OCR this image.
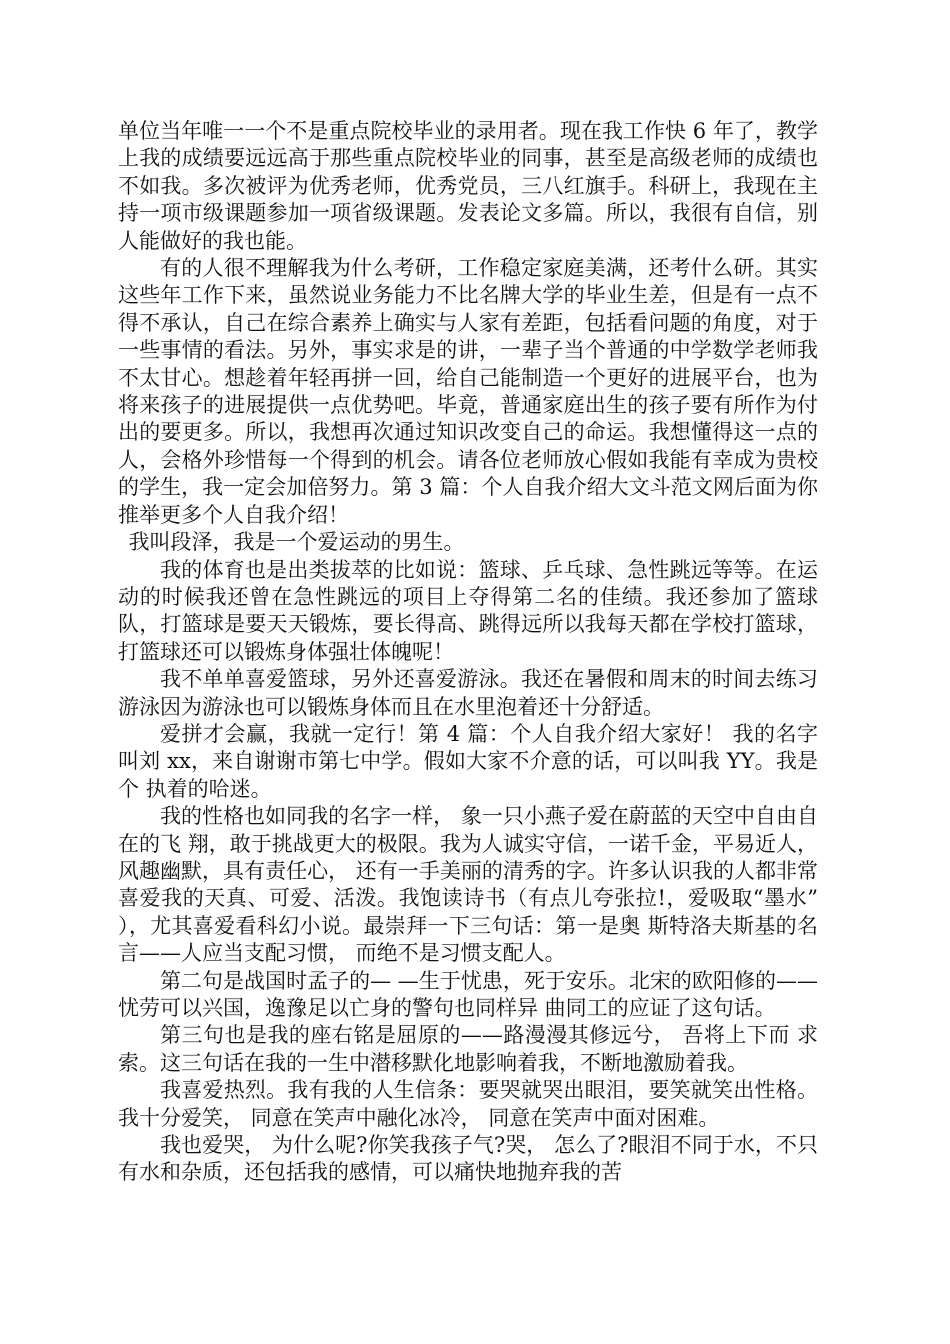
单位当年唯一一个不是重点院校毕业的录用者。现在我工作快 6 年了，教学上我的成绩要远远高于那些重点院校毕业的同事，甚至是高级老师的成绩也不如我。多次被评为优秀老师，优秀党员，三八红旗手。科研上，我现在主持一项市级课题参加一项省级课题。发表论文多篇。所以，我很有自信，别人能做好的我也能。

有的人很不理解我为什么考研，工作稳定家庭美满，还考什么研。其实这些年工作下来，虽然说业务能力不比名牌大学的毕业生差，但是有一点不得不承认，自己在综合素养上确实与人家有差距，包括看问题的角度，对于一些事情的看法。另外，事实求是的讲，一辈子当个普通的中学数学老师我不太甘心。想趁着年轻再拼一回，给自己能制造一个更好的进展平台，也为将来孩子的进展提供一点优势吧。毕竟，普通家庭出生的孩子要有所作为付出的要更多。所以，我想再次通过知识改变自己的命运。我想懂得这一点的人，会格外珍惜每一个得到的机会。请各位老师放心假如我能有幸成为贵校的学生，我一定会加倍努力。第 3 篇：个人自我介绍大文斗范文网后面为你推举更多个人自我介绍！

我叫段泽，我是一个爱运动的男生。

我的体育也是出类拔萃的比如说：篮球、乒乓球、急性跳远等等。在运动的时候我还曾在急性跳远的项目上夺得第二名的佳绩。我还参加了篮球队，打篮球是要天天锻炼，要长得高、跳得远所以我每天都在学校打篮球，打篮球还可以锻炼身体强壮体魄呢！

我不单单喜爱篮球，另外还喜爱游泳。我还在暑假和周末的时间去练习游泳因为游泳也可以锻炼身体而且在水里泡着还十分舒适。

爱拼才会赢，我就一定行！第 4 篇：个人自我介绍大家好！ 我的名字叫刘 xx，来自谢谢市第七中学。假如大家不介意的话，可以叫我 YY。我是个 执着的哈迷。

我的性格也如同我的名字一样， 象一只小燕子爱在蔚蓝的天空中自由自在的飞 翔，敢于挑战更大的极限。我为人诚实守信，一诺千金，平易近人，风趣幽默，具有责任心， 还有一手美丽的清秀的字。许多认识我的人都非常喜爱我的天真、可爱、活泼。我饱读诗书（有点儿夸张拉!，爱吸取“墨水” ），尤其喜爱看科幻小说。最崇拜一下三句话：第一是奥 斯特洛夫斯基的名言——人应当支配习惯， 而绝不是习惯支配人。

第二句是战国时孟子的— —生于忧患，死于安乐。北宋的欧阳修的——忧劳可以兴国，逸豫足以亡身的警句也同样异 曲同工的应证了这句话。

第三句也是我的座右铭是屈原的——路漫漫其修远兮， 吾将上下而 求索。这三句话在我的一生中潜移默化地影响着我，不断地激励着我。

我喜爱热烈。我有我的人生信条：要哭就哭出眼泪，要笑就笑出性格。我十分爱笑， 同意在笑声中融化冰冷， 同意在笑声中面对困难。

我也爱哭， 为什么呢?你笑我孩子气?哭， 怎么了?眼泪不同于水，不只有水和杂质，还包括我的感情，可以痛快地抛弃我的苦
